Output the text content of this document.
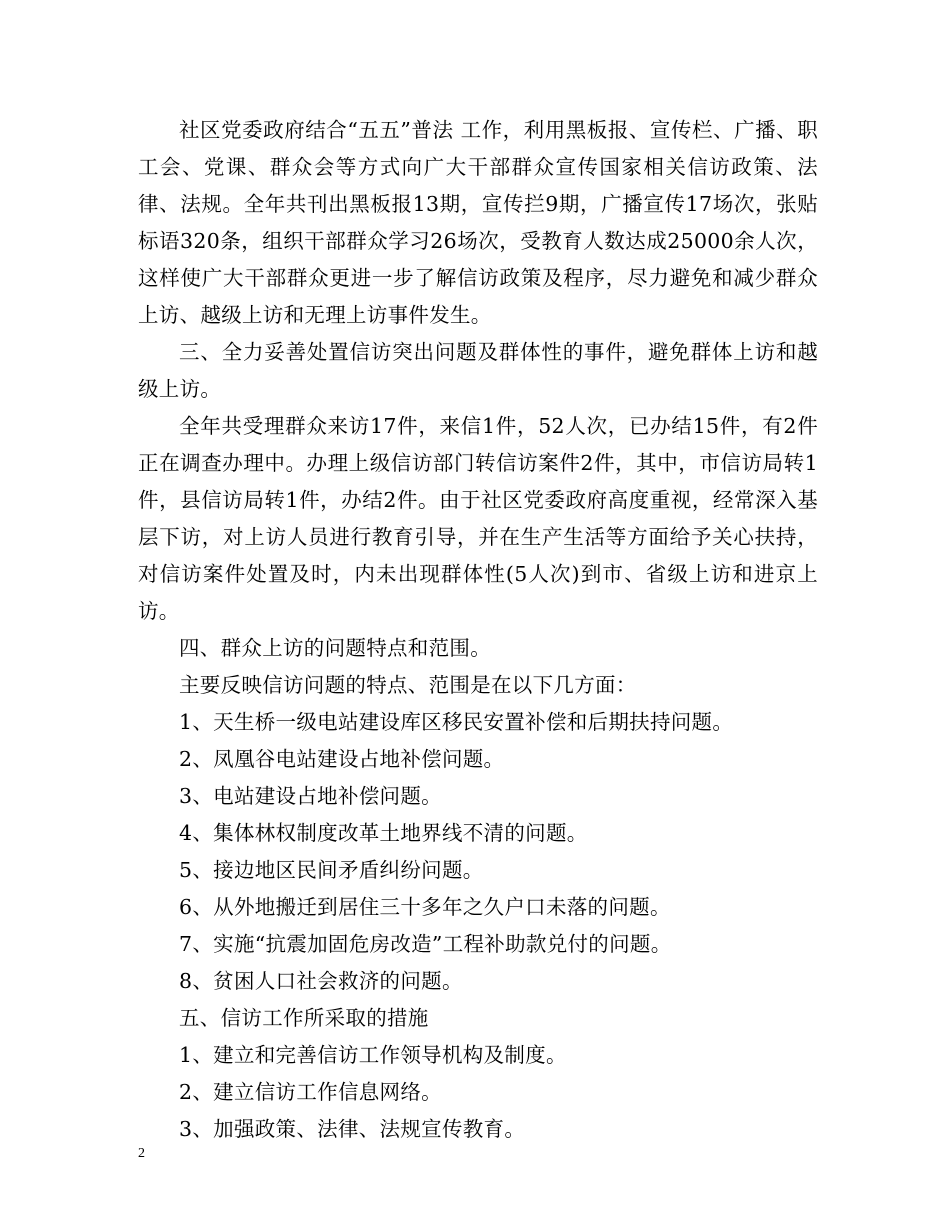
社区党委政府结合“五五”普法 工作，利用黑板报、宣传栏、广播、职工会、党课、群众会等方式向广大干部群众宣传国家相关信访政策、法律、法规。全年共刊出黑板报13期，宣传拦9期，广播宣传17场次，张贴标语320条，组织干部群众学习26场次，受教育人数达成25000余人次，这样使广大干部群众更进一步了解信访政策及程序，尽力避免和减少群众上访、越级上访和无理上访事件发生。

三、全力妥善处置信访突出问题及群体性的事件，避免群体上访和越级上访。

全年共受理群众来访17件，来信1件，52人次，已办结15件，有2件正在调查办理中。办理上级信访部门转信访案件2件，其中，市信访局转1件，县信访局转1件，办结2件。由于社区党委政府高度重视，经常深入基层下访，对上访人员进行教育引导，并在生产生活等方面给予关心扶持，对信访案件处置及时，内未出现群体性(5人次)到市、省级上访和进京上访。

四、群众上访的问题特点和范围。

主要反映信访问题的特点、范围是在以下几方面：

1、天生桥一级电站建设库区移民安置补偿和后期扶持问题。

2、凤凰谷电站建设占地补偿问题。

3、电站建设占地补偿问题。

4、集体林权制度改革土地界线不清的问题。

5、接边地区民间矛盾纠纷问题。

6、从外地搬迁到居住三十多年之久户口未落的问题。

7、实施“抗震加固危房改造”工程补助款兑付的问题。

8、贫困人口社会救济的问题。

五、信访工作所采取的措施

1、建立和完善信访工作领导机构及制度。

2、建立信访工作信息网络。

3、加强政策、法律、法规宣传教育。

2
